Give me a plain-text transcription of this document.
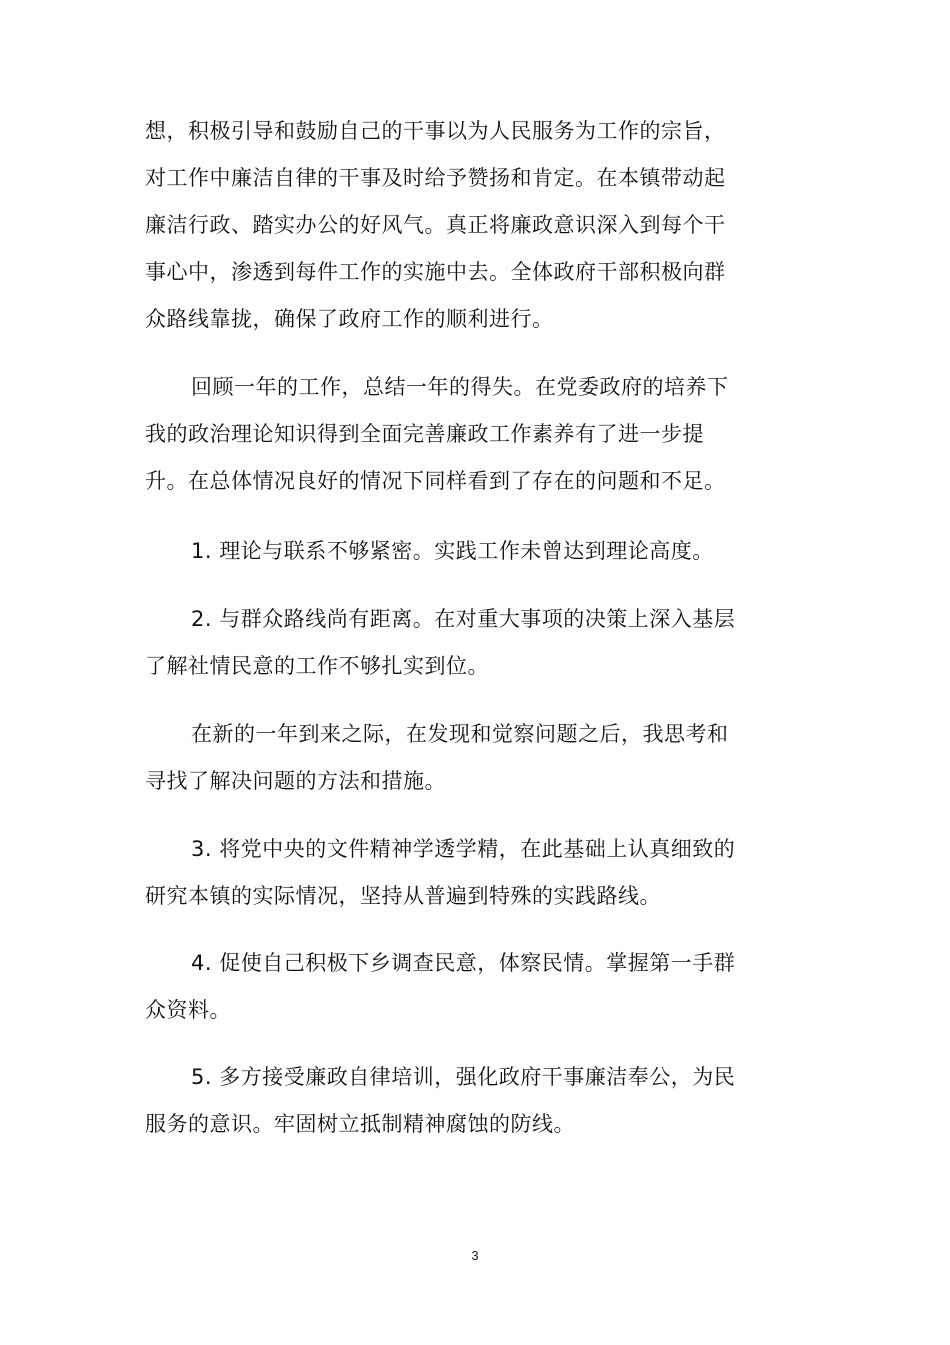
想，积极引导和鼓励自己的干事以为人民服务为工作的宗旨，
对工作中廉洁自律的干事及时给予赞扬和肯定。在本镇带动起
廉洁行政、踏实办公的好风气。真正将廉政意识深入到每个干
事心中，渗透到每件工作的实施中去。全体政府干部积极向群
众路线靠拢，确保了政府工作的顺利进行。
回顾一年的工作，总结一年的得失。在党委政府的培养下
我的政治理论知识得到全面完善廉政工作素养有了进一步提
升。在总体情况良好的情况下同样看到了存在的问题和不足。
1. 理论与联系不够紧密。实践工作未曾达到理论高度。
2. 与群众路线尚有距离。在对重大事项的决策上深入基层
了解社情民意的工作不够扎实到位。
在新的一年到来之际，在发现和觉察问题之后，我思考和
寻找了解决问题的方法和措施。
3. 将党中央的文件精神学透学精，在此基础上认真细致的
研究本镇的实际情况，坚持从普遍到特殊的实践路线。
4. 促使自己积极下乡调查民意，体察民情。掌握第一手群
众资料。
5. 多方接受廉政自律培训，强化政府干事廉洁奉公，为民
服务的意识。牢固树立抵制精神腐蚀的防线。
3
